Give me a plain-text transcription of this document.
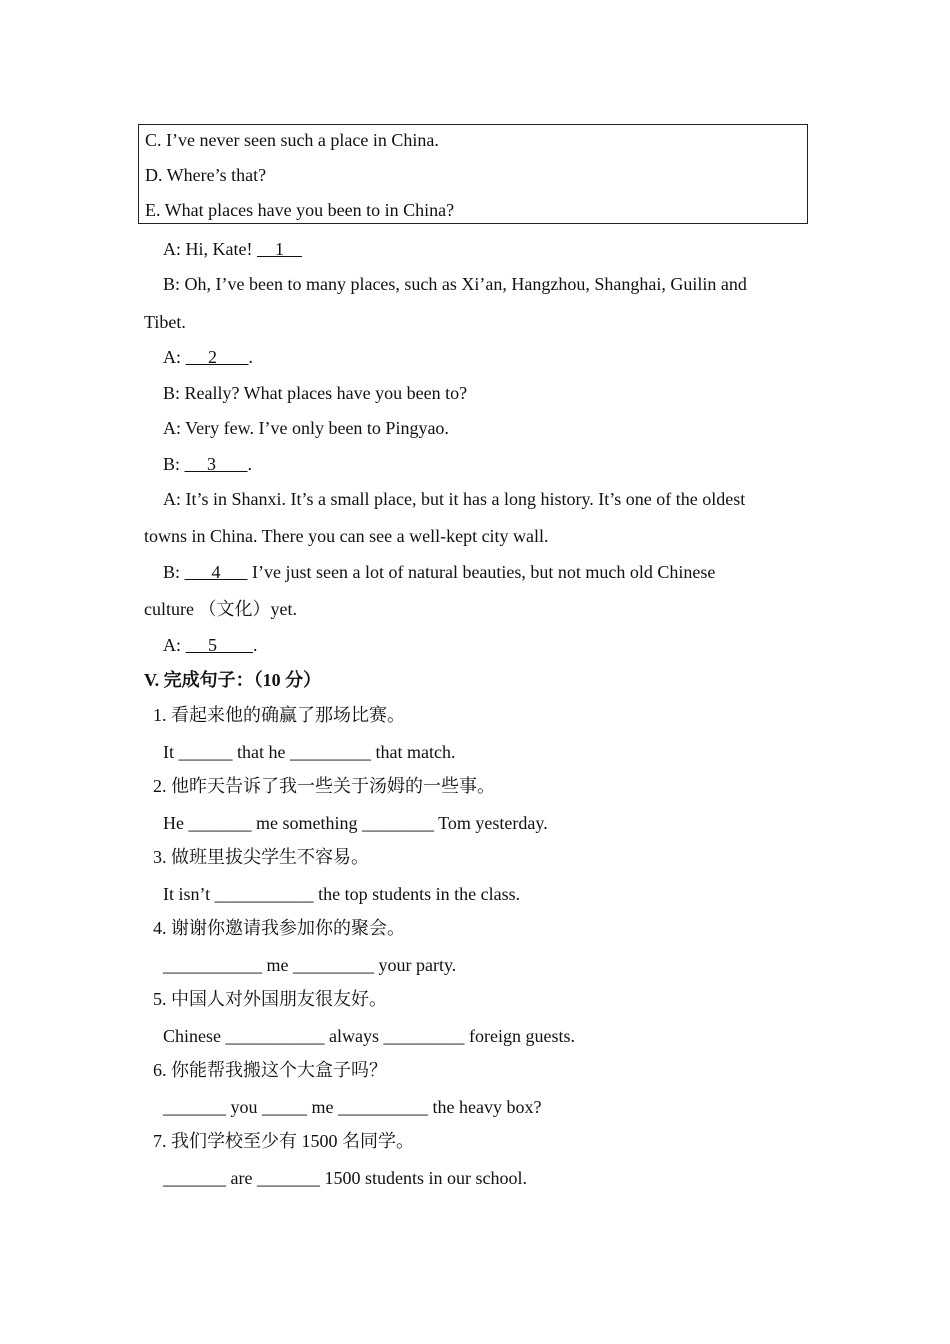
C. I’ve never seen such a place in China.
D. Where’s that?
E. What places have you been to in China?
A: Hi, Kate!     1
B: Oh, I’ve been to many places, such as Xi’an, Hangzhou, Shanghai, Guilin and
Tibet.
A:      2       .
B: Really? What places have you been to?
A: Very few. I’ve only been to Pingyao.
B:      3       .
A: It’s in Shanxi. It’s a small place, but it has a long history. It’s one of the oldest
towns in China. There you can see a well-kept city wall.
B:       4       I’ve just seen a lot of natural beauties, but not much old Chinese
culture （文化）yet.
A:      5        .
V. 完成句子：（10 分）
1. 看起来他的确赢了那场比赛。
It ______ that he _________ that match.
2. 他昨天告诉了我一些关于汤姆的一些事。
He _______ me something ________ Tom yesterday.
3. 做班里拔尖学生不容易。
It isn’t ___________ the top students in the class.
4. 谢谢你邀请我参加你的聚会。
___________ me _________ your party.
5. 中国人对外国朋友很友好。
Chinese ___________ always _________ foreign guests.
6. 你能帮我搬这个大盒子吗？
_______ you _____ me __________ the heavy box?
7. 我们学校至少有 1500 名同学。
_______ are _______ 1500 students in our school.
